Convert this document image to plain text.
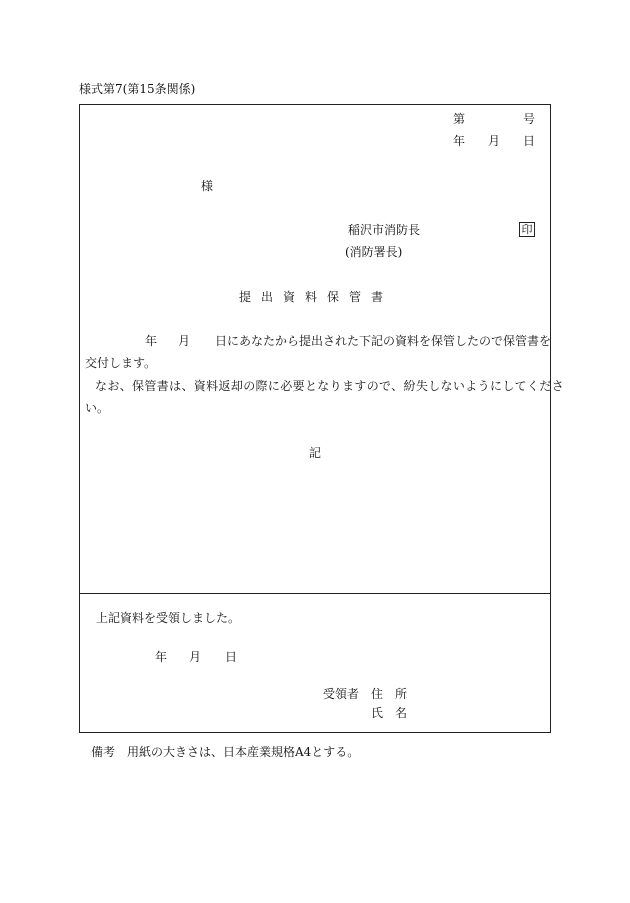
様式第7(第15条関係)
第	号
年 月 日
様
稲沢市消防長	印
(消防署長)
提出資料保管書
年 月 日にあなたから提出された下記の資料を保管したので保管書を
交付します。
なお、保管書は、資料返却の際に必要となりますので、紛失しないようにしてくださ
い。
記
上記資料を受領しました。
年 月 日
受領者 住　所
氏　名
備考　用紙の大きさは、日本産業規格A4とする。
